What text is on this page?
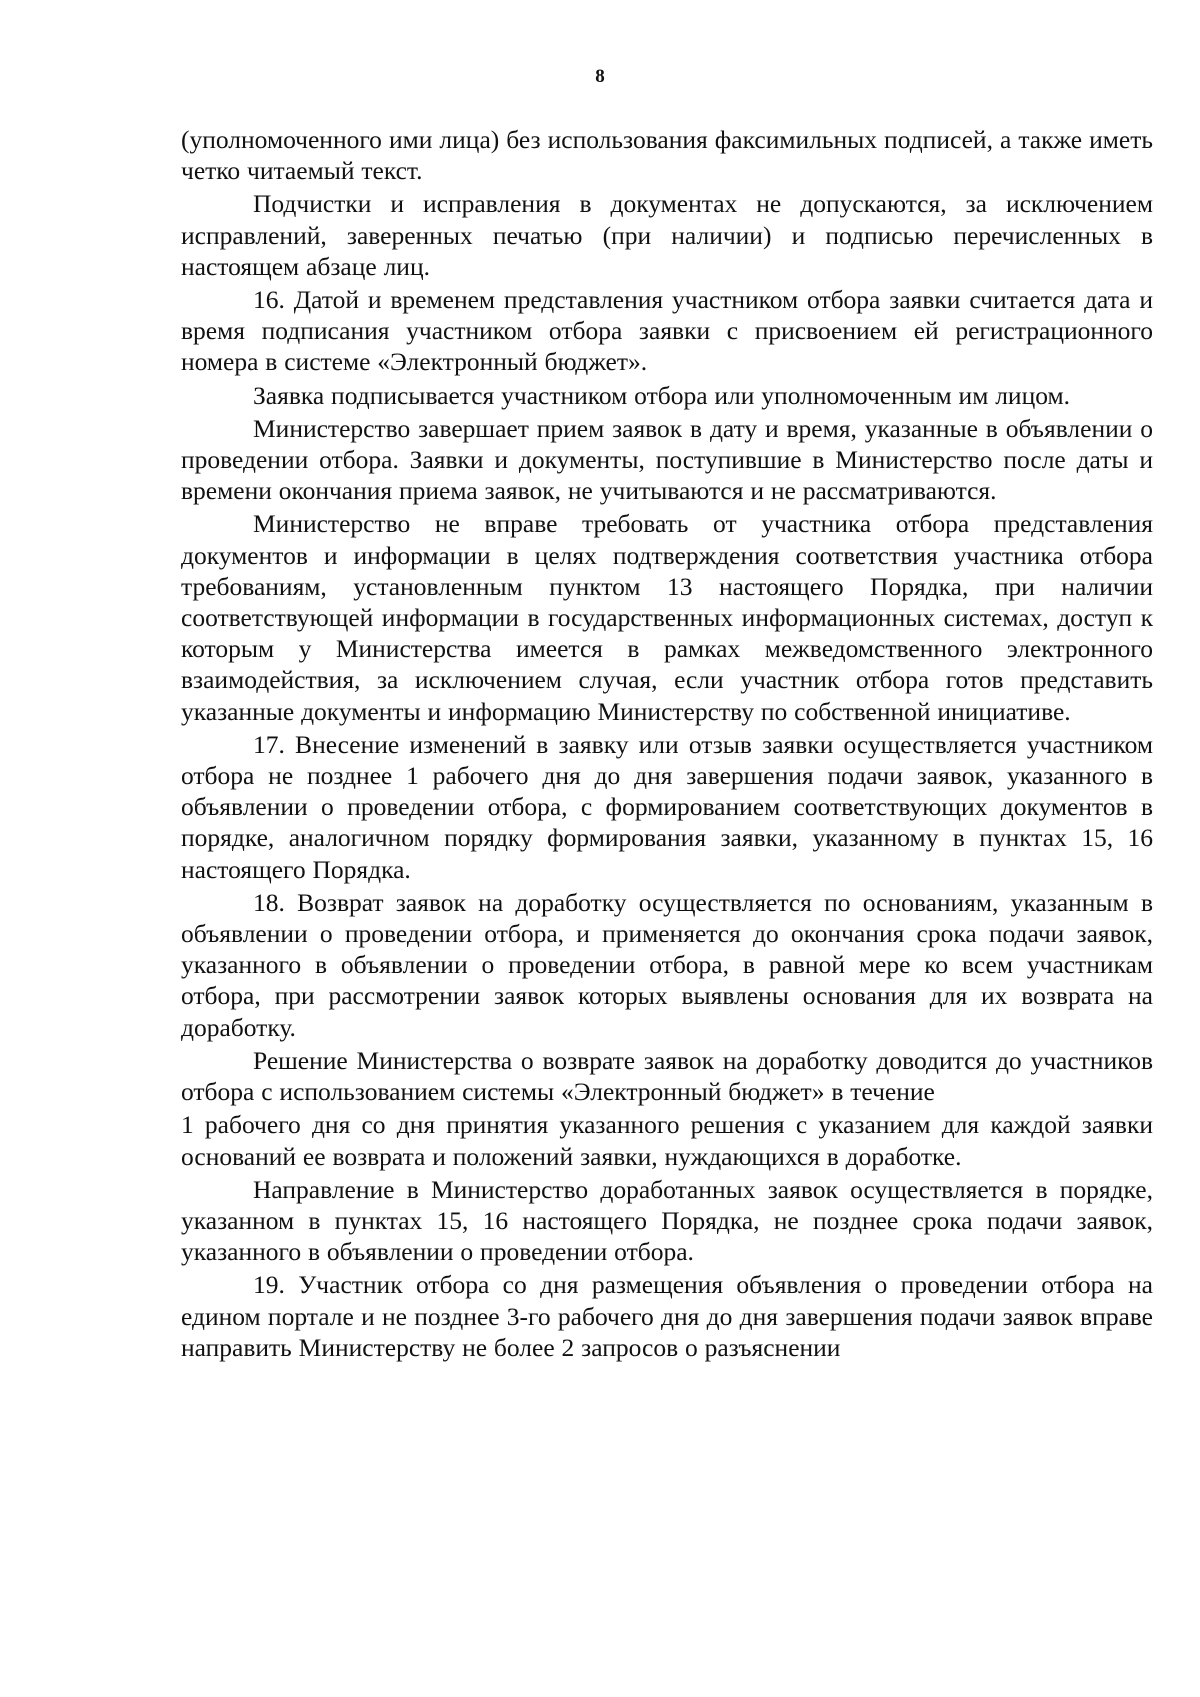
8

(уполномоченного ими лица) без использования факсимильных подписей, а также иметь четко читаемый текст.

Подчистки и исправления в документах не допускаются, за исключением исправлений, заверенных печатью (при наличии) и подписью перечисленных в настоящем абзаце лиц.

16. Датой и временем представления участником отбора заявки считается дата и время подписания участником отбора заявки с присвоением ей регистрационного номера в системе «Электронный бюджет».

Заявка подписывается участником отбора или уполномоченным им лицом.

Министерство завершает прием заявок в дату и время, указанные в объявлении о проведении отбора. Заявки и документы, поступившие в Министерство после даты и времени окончания приема заявок, не учитываются и не рассматриваются.

Министерство не вправе требовать от участника отбора представления документов и информации в целях подтверждения соответствия участника отбора требованиям, установленным пунктом 13 настоящего Порядка, при наличии соответствующей информации в государственных информационных системах, доступ к которым у Министерства имеется в рамках межведомственного электронного взаимодействия, за исключением случая, если участник отбора готов представить указанные документы и информацию Министерству по собственной инициативе.

17. Внесение изменений в заявку или отзыв заявки осуществляется участником отбора не позднее 1 рабочего дня до дня завершения подачи заявок, указанного в объявлении о проведении отбора, с формированием соответствующих документов в порядке, аналогичном порядку формирования заявки, указанному в пунктах 15, 16 настоящего Порядка.

18. Возврат заявок на доработку осуществляется по основаниям, указанным в объявлении о проведении отбора, и применяется до окончания срока подачи заявок, указанного в объявлении о проведении отбора, в равной мере ко всем участникам отбора, при рассмотрении заявок которых выявлены основания для их возврата на доработку.

Решение Министерства о возврате заявок на доработку доводится до участников отбора с использованием системы «Электронный бюджет» в течение

1 рабочего дня со дня принятия указанного решения с указанием для каждой заявки оснований ее возврата и положений заявки, нуждающихся в доработке.

Направление в Министерство доработанных заявок осуществляется в порядке, указанном в пунктах 15, 16 настоящего Порядка, не позднее срока подачи заявок, указанного в объявлении о проведении отбора.

19. Участник отбора со дня размещения объявления о проведении отбора на едином портале и не позднее 3-го рабочего дня до дня завершения подачи заявок вправе направить Министерству не более 2 запросов о разъяснении
